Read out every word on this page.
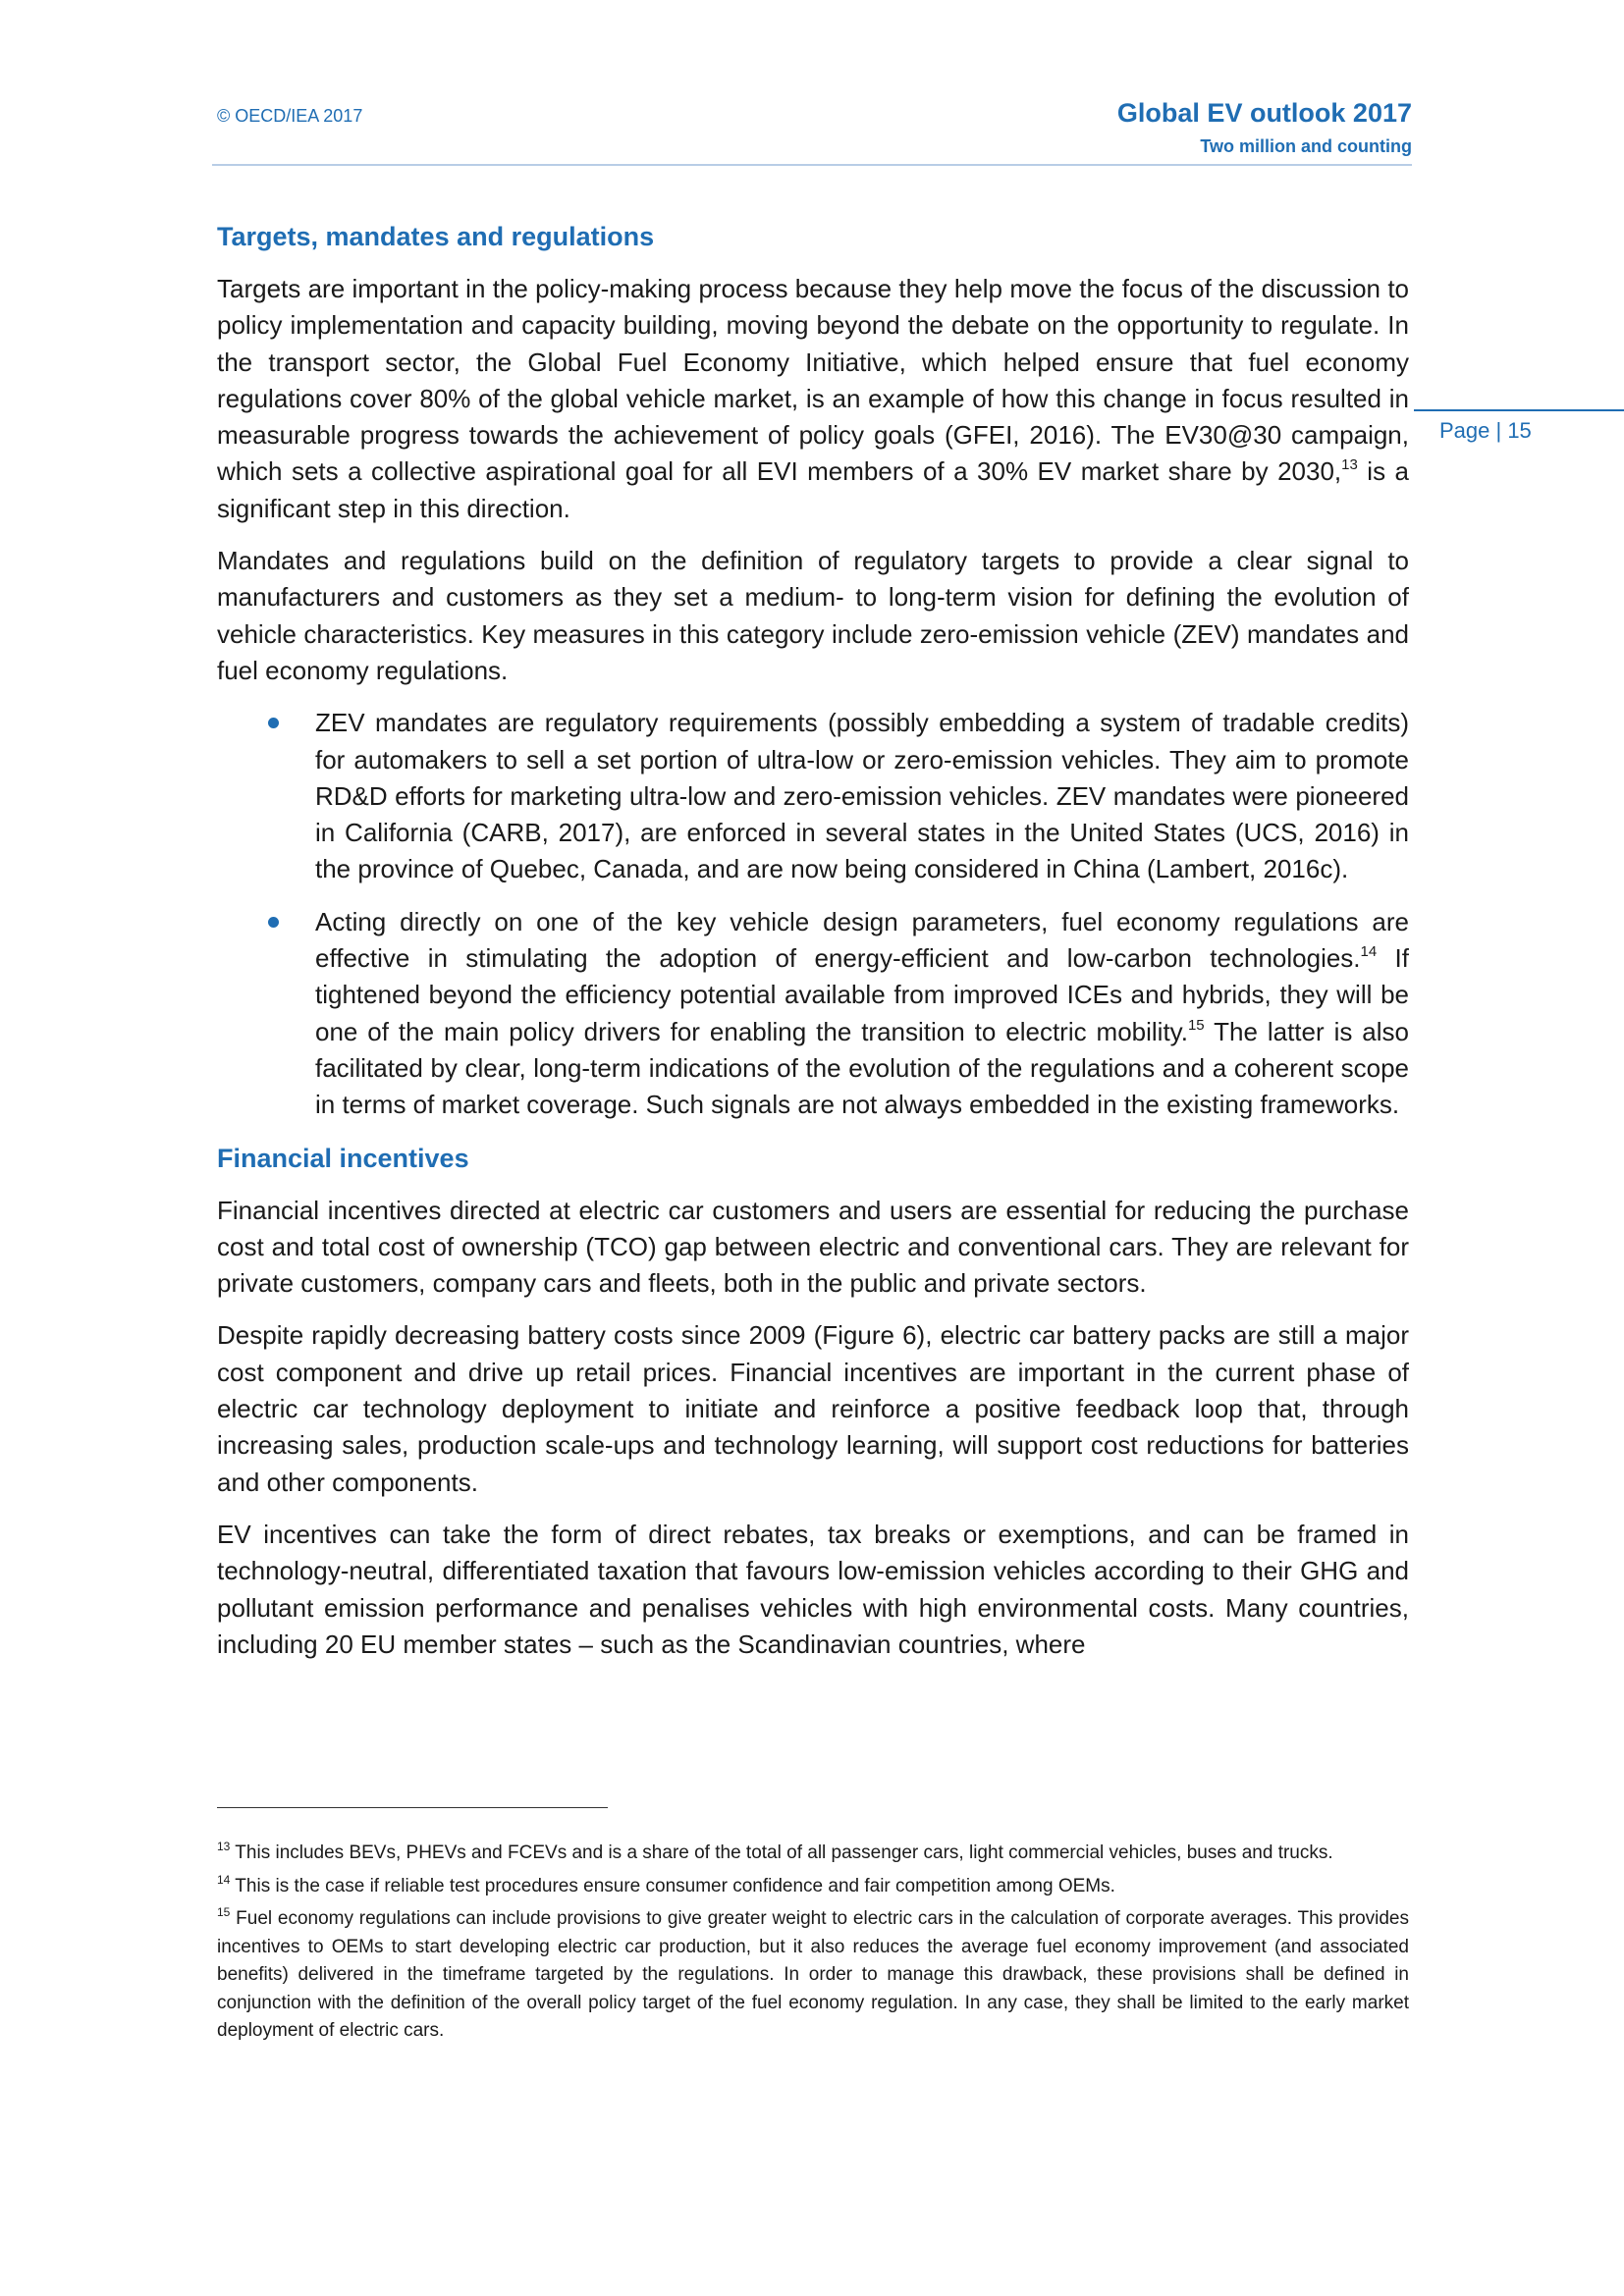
© OECD/IEA 2017	Global EV outlook 2017
Two million and counting
Page | 15
Targets, mandates and regulations

Targets are important in the policy-making process because they help move the focus of the discussion to policy implementation and capacity building, moving beyond the debate on the opportunity to regulate. In the transport sector, the Global Fuel Economy Initiative, which helped ensure that fuel economy regulations cover 80% of the global vehicle market, is an example of how this change in focus resulted in measurable progress towards the achievement of policy goals (GFEI, 2016). The EV30@30 campaign, which sets a collective aspirational goal for all EVI members of a 30% EV market share by 2030,13 is a significant step in this direction.

Mandates and regulations build on the definition of regulatory targets to provide a clear signal to manufacturers and customers as they set a medium- to long-term vision for defining the evolution of vehicle characteristics. Key measures in this category include zero-emission vehicle (ZEV) mandates and fuel economy regulations.

ZEV mandates are regulatory requirements (possibly embedding a system of tradable credits) for automakers to sell a set portion of ultra-low or zero-emission vehicles. They aim to promote RD&D efforts for marketing ultra-low and zero-emission vehicles. ZEV mandates were pioneered in California (CARB, 2017), are enforced in several states in the United States (UCS, 2016) in the province of Quebec, Canada, and are now being considered in China (Lambert, 2016c).

Acting directly on one of the key vehicle design parameters, fuel economy regulations are effective in stimulating the adoption of energy-efficient and low-carbon technologies.$^{14}$ If tightened beyond the efficiency potential available from improved ICEs and hybrids, they will be one of the main policy drivers for enabling the transition to electric mobility.$^{15}$ The latter is also facilitated by clear, long-term indications of the evolution of the regulations and a coherent scope in terms of market coverage. Such signals are not always embedded in the existing frameworks.

Financial incentives

Financial incentives directed at electric car customers and users are essential for reducing the purchase cost and total cost of ownership (TCO) gap between electric and conventional cars. They are relevant for private customers, company cars and fleets, both in the public and private sectors.

Despite rapidly decreasing battery costs since 2009 (Figure 6), electric car battery packs are still a major cost component and drive up retail prices. Financial incentives are important in the current phase of electric car technology deployment to initiate and reinforce a positive feedback loop that, through increasing sales, production scale-ups and technology learning, will support cost reductions for batteries and other components.

EV incentives can take the form of direct rebates, tax breaks or exemptions, and can be framed in technology-neutral, differentiated taxation that favours low-emission vehicles according to their GHG and pollutant emission performance and penalises vehicles with high environmental costs. Many countries, including 20 EU member states – such as the Scandinavian countries, where

$^{13}$ This includes BEVs, PHEVs and FCEVs and is a share of the total of all passenger cars, light commercial vehicles, buses and trucks.

$^{14}$ This is the case if reliable test procedures ensure consumer confidence and fair competition among OEMs.

$^{15}$ Fuel economy regulations can include provisions to give greater weight to electric cars in the calculation of corporate averages. This provides incentives to OEMs to start developing electric car production, but it also reduces the average fuel economy improvement (and associated benefits) delivered in the timeframe targeted by the regulations. In order to manage this drawback, these provisions shall be defined in conjunction with the definition of the overall policy target of the fuel economy regulation. In any case, they shall be limited to the early market deployment of electric cars.
